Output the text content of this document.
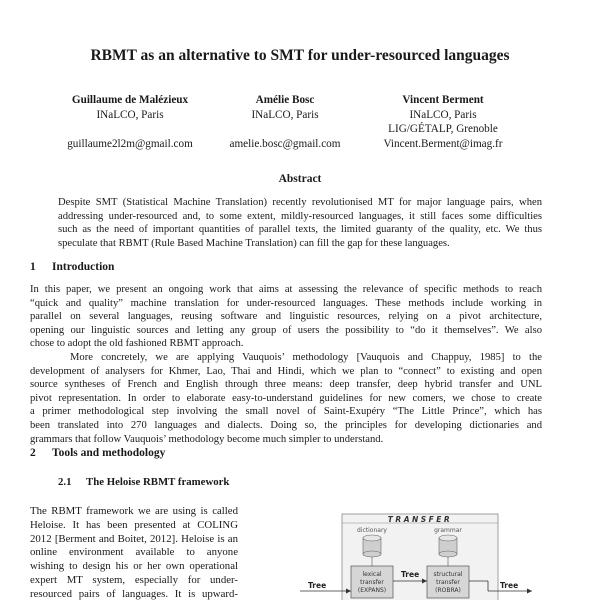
RBMT as an alternative to SMT for under-resourced languages
Guillaume de Malézieux
INaLCO, Paris
guillaume2l2m@gmail.com
Amélie Bosc
INaLCO, Paris
amelie.bosc@gmail.com
Vincent Berment
INaLCO, Paris
LIG/GÉTALP, Grenoble
Vincent.Berment@imag.fr
Abstract
Despite SMT (Statistical Machine Translation) recently revolutionised MT for major language pairs, when
addressing under-resourced and, to some extent, mildly-resourced languages, it still faces some difficulties
such as the need of important quantities of parallel texts, the limited guaranty of the quality, etc. We thus
speculate that RBMT (Rule Based Machine Translation) can fill the gap for these languages.
1 Introduction
In this paper, we present an ongoing work that aims at assessing the relevance of specific methods to reach
“quick and quality” machine translation for under-resourced languages. These methods include working in
parallel on several languages, reusing software and linguistic resources, relying on a pivot architecture,
opening our linguistic sources and letting any group of users the possibility to “do it themselves”. We also
chose to adopt the old fashioned RBMT approach.
More concretely, we are applying Vauquois’ methodology [Vauquois and Chappuy, 1985] to the
development of analysers for Khmer, Lao, Thai and Hindi, which we plan to “connect” to existing and open
source syntheses of French and English through three means: deep transfer, deep hybrid transfer and UNL
pivot representation. In order to elaborate easy-to-understand guidelines for new comers, we chose to create
a primer methodological step involving the small novel of Saint-Exupéry “The Little Prince”, which has
been translated into 270 languages and dialects. Doing so, the principles for developing dictionaries and
grammars that follow Vauquois’ methodology become much simpler to understand.
2 Tools and methodology
2.1 The Heloise RBMT framework
The RBMT framework we are using is called
Heloise. It has been presented at COLING
2012 [Berment and Boitet, 2012]. Heloise is an
online environment available to anyone
wishing to design his or her own operational
expert MT system, especially for under-
resourced pairs of languages. It is upward-
TRANSFER
dictionary	grammar
lexical
transfer
(EXPANS)
structural
transfer
(ROBRA)
Tree
Tree
Tree
